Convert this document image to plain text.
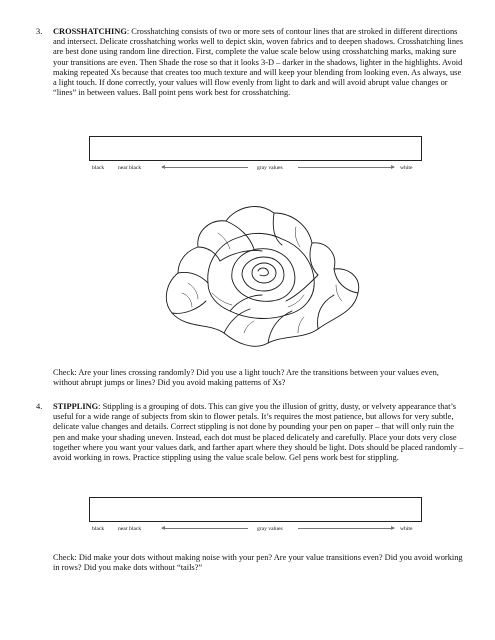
3. CROSSHATCHING: Crosshatching consists of two or more sets of contour lines that are stroked in different directions and intersect. Delicate crosshatching works well to depict skin, woven fabrics and to deepen shadows. Crosshatching lines are best done using random line direction. First, complete the value scale below using crosshatching marks, making sure your transitions are even. Then Shade the rose so that it looks 3-D – darker in the shadows, lighter in the highlights. Avoid making repeated Xs because that creates too much texture and will keep your blending from looking even. As always, use a light touch. If done correctly, your values will flow evenly from light to dark and will avoid abrupt value changes or “lines” in between values. Ball point pens work best for crosshatching.

black near black	gray values	white
Check: Are your lines crossing randomly? Did you use a light touch? Are the transitions between your values even, without abrupt jumps or lines? Did you avoid making patterns of Xs?
4. STIPPLING: Stippling is a grouping of dots. This can give you the illusion of gritty, dusty, or velvety appearance that’s useful for a wide range of subjects from skin to flower petals. It’s requires the most patience, but allows for very subtle, delicate value changes and details. Correct stippling is not done by pounding your pen on paper – that will only ruin the pen and make your shading uneven. Instead, each dot must be placed delicately and carefully. Place your dots very close together where you want your values dark, and farther apart where they should be light. Dots should be placed randomly – avoid working in rows. Practice stippling using the value scale below. Gel pens work best for stippling.

black near black	gray values	white
Check: Did make your dots without making noise with your pen? Are your value transitions even? Did you avoid working in rows? Did you make dots without “tails?”
